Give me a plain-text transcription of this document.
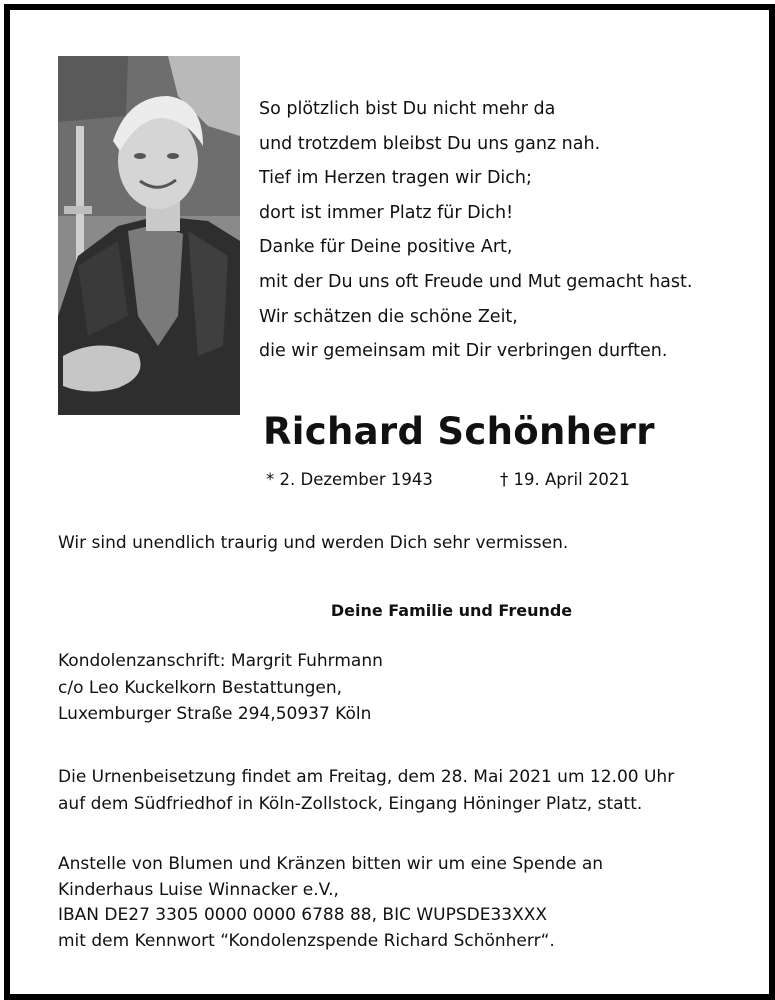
So plötzlich bist Du nicht mehr da
und trotzdem bleibst Du uns ganz nah.
Tief im Herzen tragen wir Dich;
dort ist immer Platz für Dich!
Danke für Deine positive Art,
mit der Du uns oft Freude und Mut gemacht hast.
Wir schätzen die schöne Zeit,
die wir gemeinsam mit Dir verbringen durften.
Richard Schönherr
* 2. Dezember 1943	† 19. April 2021
Wir sind unendlich traurig und werden Dich sehr vermissen.
Deine Familie und Freunde
Kondolenzanschrift: Margrit Fuhrmann
c/o Leo Kuckelkorn Bestattungen,
Luxemburger Straße 294,50937 Köln
Die Urnenbeisetzung findet am Freitag, dem 28. Mai 2021 um 12.00 Uhr
auf dem Südfriedhof in Köln-Zollstock, Eingang Höninger Platz, statt.
Anstelle von Blumen und Kränzen bitten wir um eine Spende an
Kinderhaus Luise Winnacker e.V.,
IBAN DE27 3305 0000 0000 6788 88, BIC WUPSDE33XXX
mit dem Kennwort “Kondolenzspende Richard Schönherr“.
